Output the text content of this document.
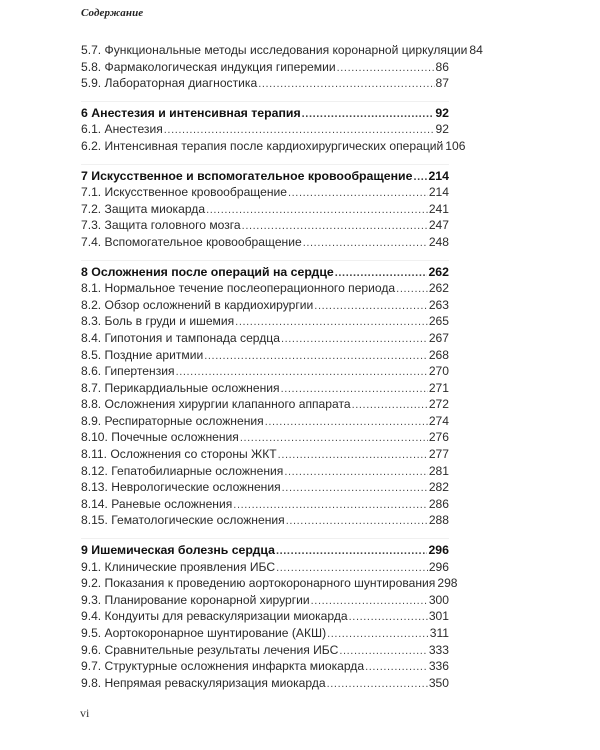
Содержание
5.7. Функциональные методы исследования коронарной циркуляции 84
5.8. Фармакологическая индукция гиперемии .....	86
5.9. Лабораторная диагностика .....	87
6 Анестезия и интенсивная терапия .....	92
6.1. Анестезия .....	92
6.2. Интенсивная терапия после кардиохирургических операций 106
7 Искусственное и вспомогательное кровообращение ..... 214
7.1. Искусственное кровообращение .....	214
7.2. Защита миокарда .....	241
7.3. Защита головного мозга .....	247
7.4. Вспомогательное кровообращение .....	248
8 Осложнения после операций на сердце .....	262
8.1. Нормальное течение послеоперационного периода .....	262
8.2. Обзор осложнений в кардиохирургии .....	263
8.3. Боль в груди и ишемия .....	265
8.4. Гипотония и тампонада сердца .....	267
8.5. Поздние аритмии .....	268
8.6. Гипертензия .....	270
8.7. Перикардиальные осложнения .....	271
8.8. Осложнения хирургии клапанного аппарата .....	272
8.9. Респираторные осложнения .....	274
8.10. Почечные осложнения .....	276
8.11. Осложнения со стороны ЖКТ .....	277
8.12. Гепатобилиарные осложнения .....	281
8.13. Неврологические осложнения .....	282
8.14. Раневые осложнения .....	286
8.15. Гематологические осложнения .....	288
9 Ишемическая болезнь сердца .....	296
9.1. Клинические проявления ИБС .....	296
9.2. Показания к проведению аортокоронарного шунтирования 298
9.3. Планирование коронарной хирургии .....	300
9.4. Кондуиты для реваскуляризации миокарда .....	301
9.5. Аортокоронарное шунтирование (АКШ) .....	311
9.6. Сравнительные результаты лечения ИБС .....	333
9.7. Структурные осложнения инфаркта миокарда .....	336
9.8. Непрямая реваскуляризация миокарда .....	350
vi
